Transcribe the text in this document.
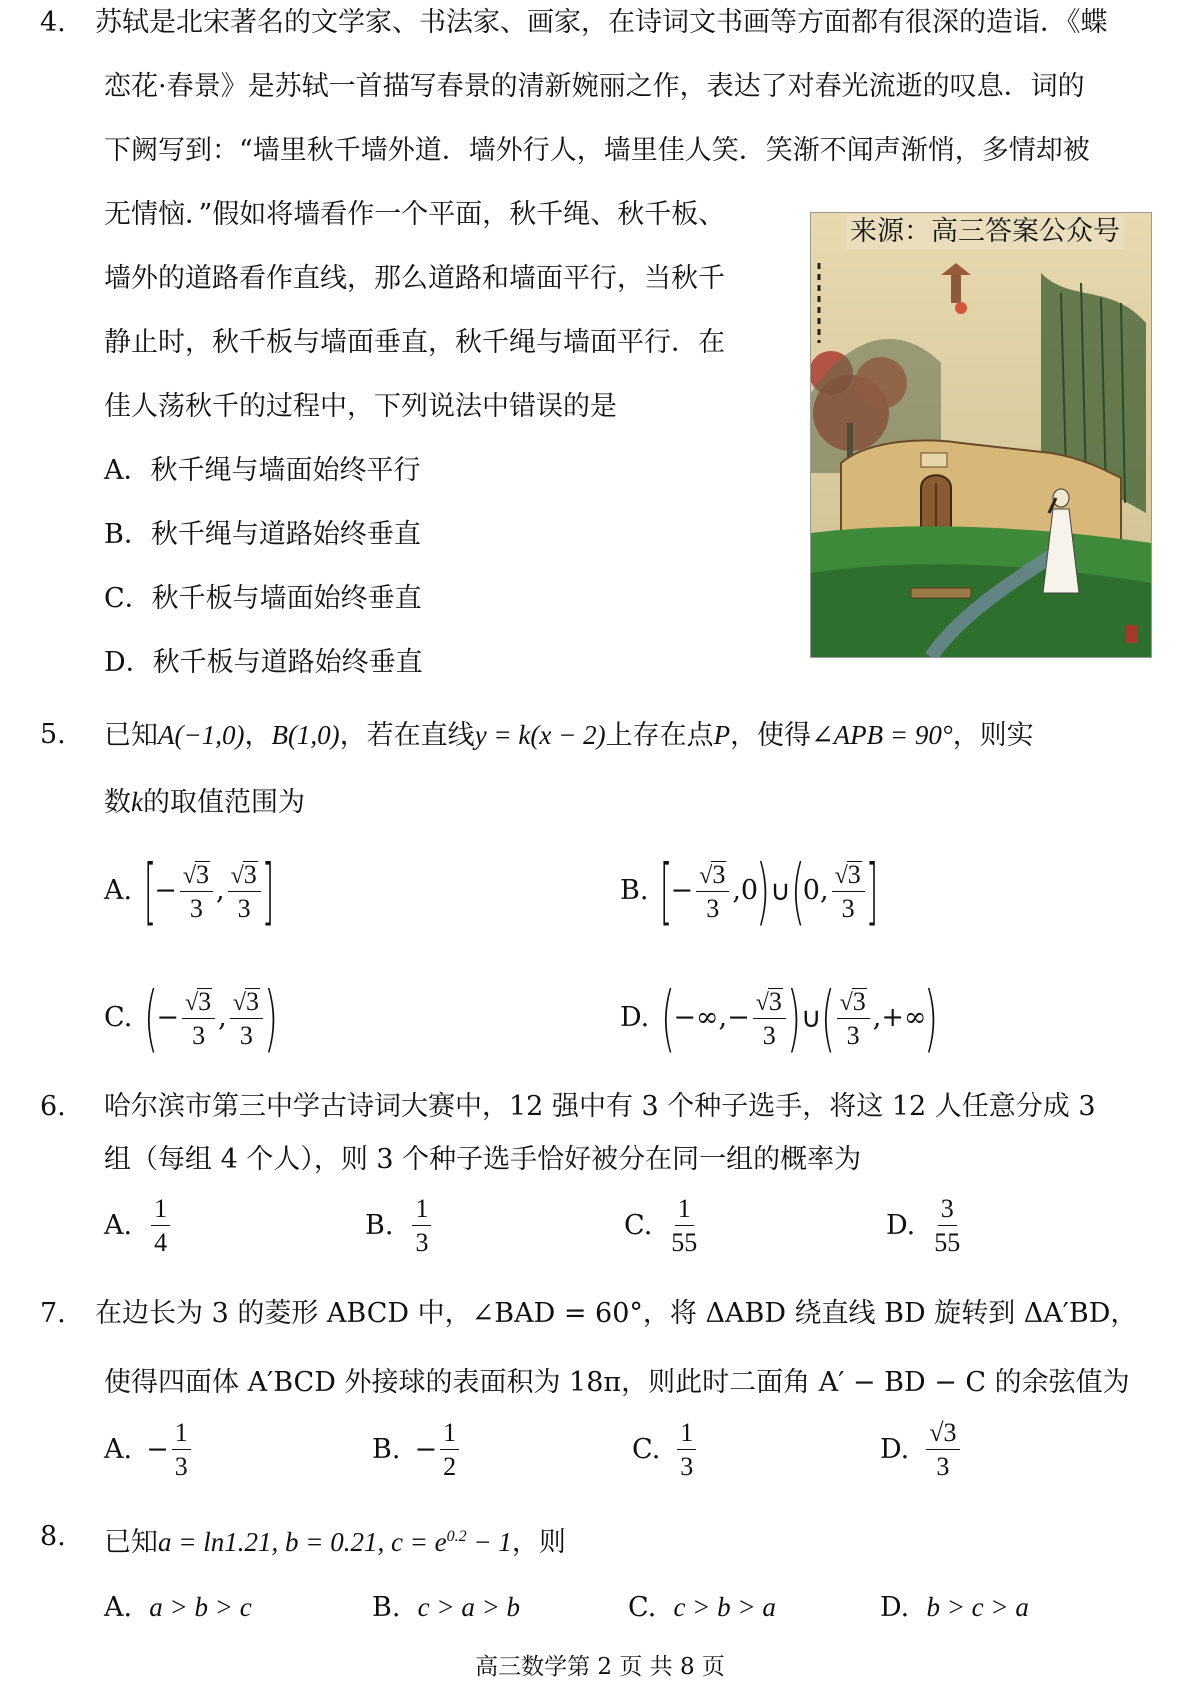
4. 苏轼是北宋著名的文学家、书法家、画家，在诗词文书画等方面都有很深的造诣．《蝶
恋花·春景》是苏轼一首描写春景的清新婉丽之作，表达了对春光流逝的叹息．词的
下阙写到：“墙里秋千墙外道．墙外行人，墙里佳人笑．笑渐不闻声渐悄，多情却被
无情恼．”假如将墙看作一个平面，秋千绳、秋千板、
墙外的道路看作直线，那么道路和墙面平行，当秋千
静止时，秋千板与墙面垂直，秋千绳与墙面平行．在
佳人荡秋千的过程中，下列说法中错误的是
A．秋千绳与墙面始终平行
B．秋千绳与道路始终垂直
C．秋千板与墙面始终垂直
D．秋千板与道路始终垂直
来源：高三答案公众号
5. 已知A(−1,0)，B(1,0)，若在直线y = k(x − 2)上存在点P，使得∠APB = 90°，则实
数k的取值范围为
A. [
− $\frac{√ 3}{3}$ , $\frac{√ 3}{3}$ ]	B. [
− $\frac{√ 3}{3}$ , 0
) ∪ (
0 , $\frac{√ 3}{3}$ ]
C. (
− $\frac{√ 3}{3}$ , $\frac{√ 3}{3}$ )	D. (
−∞, − $\frac{√ 3}{3}$ ) ∪ ( $\frac{√ 3}{3}$ ,+∞
)
6. 哈尔滨市第三中学古诗词大赛中，12 强中有 3 个种子选手，将这 12 人任意分成 3
组（每组 4 个人），则 3 个种子选手恰好被分在同一组的概率为
A. $\frac{1}{4}$	B. $\frac{1}{3}$	C. $\frac{1}{55}$	D. $\frac{3}{55}$
7. 在边长为 3 的菱形 ABCD 中，∠BAD = 60°，将 ΔABD 绕直线 BD 旋转到 ΔA′BD，
使得四面体 A′BCD 外接球的表面积为 18π，则此时二面角 A′ − BD − C 的余弦值为
A. − $\frac{1}{3}$	B. − $\frac{1}{2}$	C. $\frac{1}{3}$	D. $\frac{√3}{3}$
8. 已知a = ln1.21, b = 0.21, $c = e^{0.2} - 1$，则
A. a > b > c	B. c > a > b	C. c > b > a	D. b > c > a
高三数学第 2 页 共 8 页
